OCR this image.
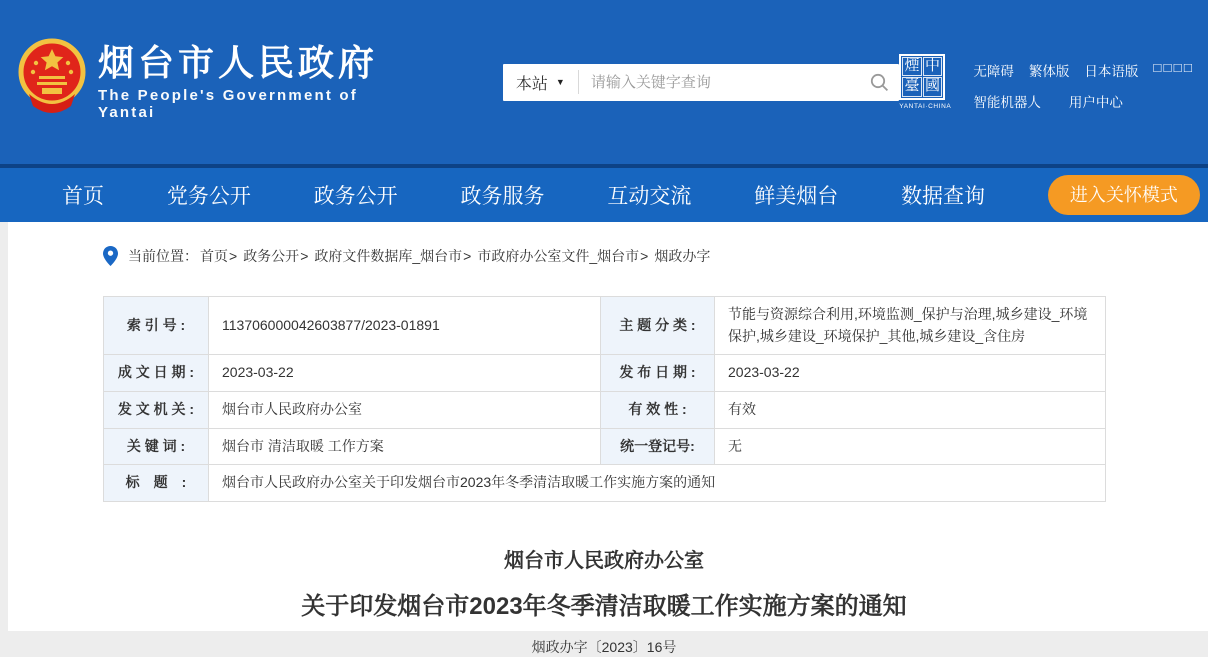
烟台市人民政府
The People's Government of Yantai
本站 ▼
请输入关键字查询
煙 中
臺 國
YANTAI·CHINA
无障碍 繁体版 日本语版 □□□□
智能机器人 用户中心
首页	党务公开	政务公开	政务服务	互动交流	鲜美烟台	数据查询	进入关怀模式
当前位置： 首页 > 政务公开 > 政府文件数据库_烟台市 > 市政府办公室文件_烟台市 > 烟政办字
索 引 号 :	113706000042603877/2023-01891	主 题 分 类 :	节能与资源综合利用,环境监测_保护与治理,城乡建设_环境保护,城乡建设_环境保护_其他,城乡建设_含住房
成 文 日 期 :	2023-03-22	发 布 日 期 :	2023-03-22
发 文 机 关 :	烟台市人民政府办公室	有 效 性 :	有效
关 键 词 :	烟台市 清洁取暖 工作方案	统一登记号:	无
标　题　:	烟台市人民政府办公室关于印发烟台市2023年冬季清洁取暖工作实施方案的通知		
烟台市人民政府办公室
关于印发烟台市2023年冬季清洁取暖工作实施方案的通知
烟政办字〔2023〕16号
